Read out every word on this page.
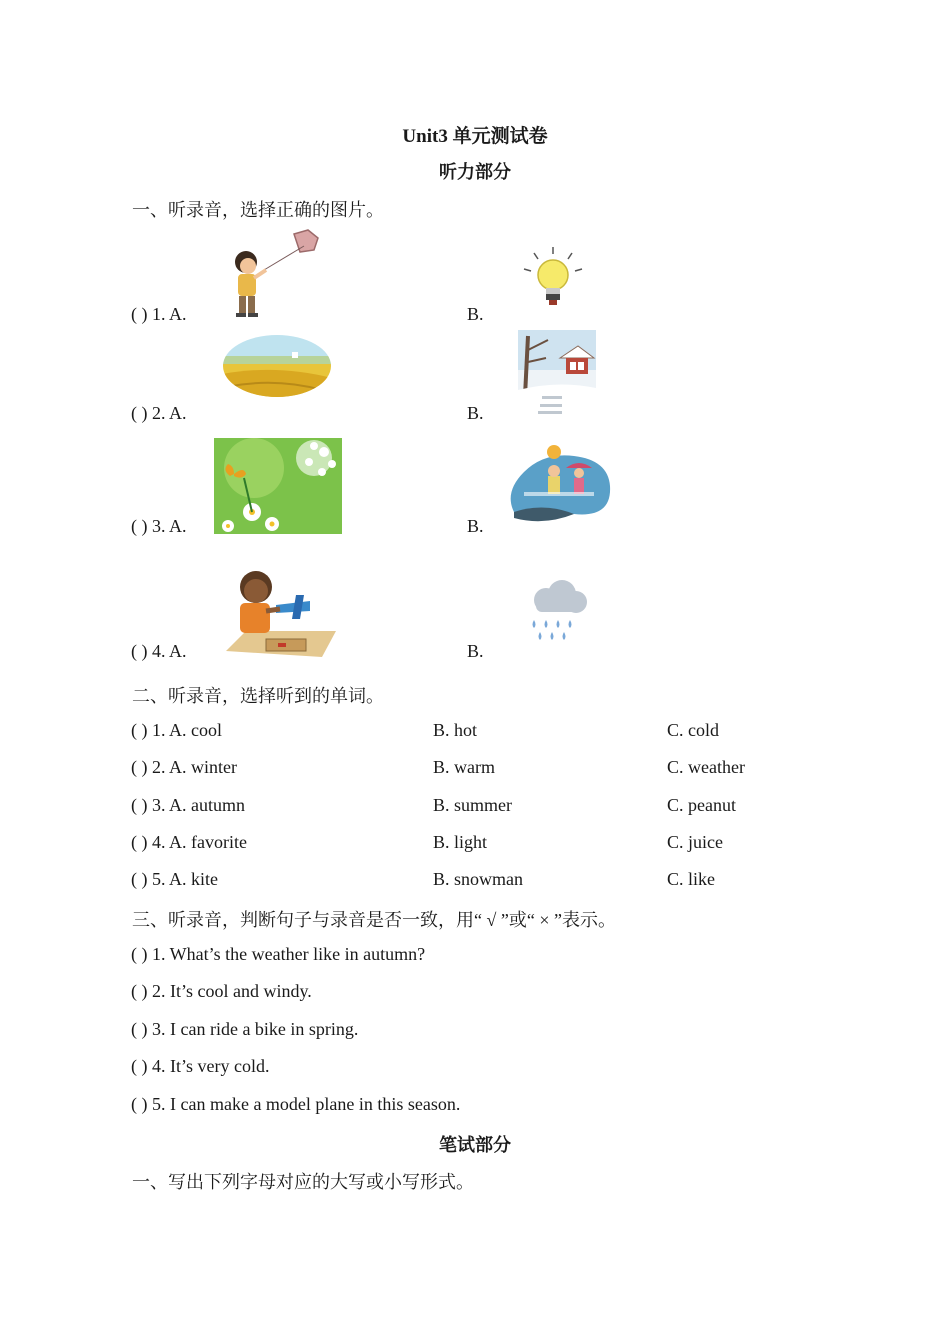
Unit3 单元测试卷
听力部分
一、听录音，选择正确的图片。
( ) 1. A.	B.
( ) 2. A.	B.
( ) 3. A.	B.
( ) 4. A.	B.
二、听录音，选择听到的单词。
( ) 1. A. cool	B. hot	C. cold
( ) 2. A. winter	B. warm	C. weather
( ) 3. A. autumn	B. summer	C. peanut
( ) 4. A. favorite	B. light	C. juice
( ) 5. A. kite	B. snowman	C. like
三、听录音，判断句子与录音是否一致，用“ √ ”或“ × ”表示。
( ) 1. What’s the weather like in autumn?
( ) 2. It’s cool and windy.
( ) 3. I can ride a bike in spring.
( ) 4. It’s very cold.
( ) 5. I can make a model plane in this season.
笔试部分
一、写出下列字母对应的大写或小写形式。
